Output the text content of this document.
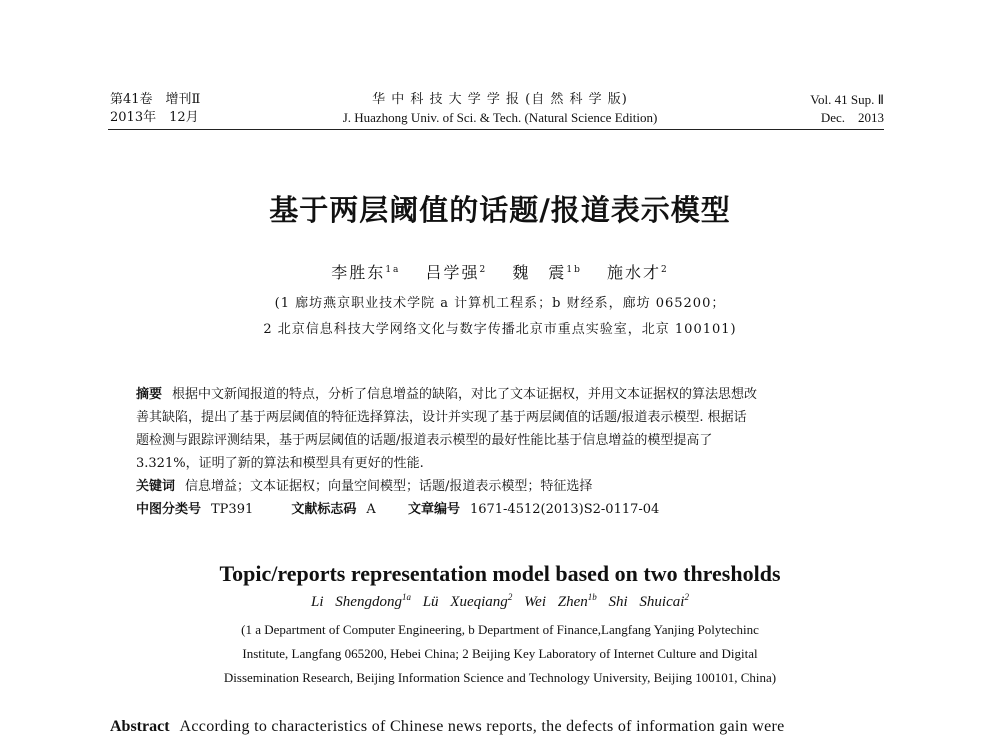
第41卷　增刊Ⅱ
2013年　12月
华 中 科 技 大 学 学 报 (自 然 科 学 版)
J. Huazhong Univ. of Sci. & Tech. (Natural Science Edition)
Vol. 41 Sup. Ⅱ
Dec.　2013
基于两层阈值的话题/报道表示模型
李胜东$^{1a}$　 吕学强$^2$　 魏　震$^{1b}$　 施水才$^2$
(1 廊坊燕京职业技术学院 a 计算机工程系；b 财经系，廊坊 065200；
2 北京信息科技大学网络文化与数字传播北京市重点实验室，北京 100101)

摘要 根据中文新闻报道的特点，分析了信息增益的缺陷，对比了文本证据权，并用文本证据权的算法思想改

善其缺陷，提出了基于两层阈值的特征选择算法，设计并实现了基于两层阈值的话题/报道表示模型. 根据话

题检测与跟踪评测结果，基于两层阈值的话题/报道表示模型的最好性能比基于信息增益的模型提高了

3.321%，证明了新的算法和模型具有更好的性能.

关键词 信息增益；文本证据权；向量空间模型；话题/报道表示模型；特征选择

中图分类号 TP391	文献标志码 A 文章编号 1671-4512(2013)S2-0117-04

Topic/reports representation model based on two thresholds
Li Shengdong$^{1a}$ Lü Xueqiang$^2$ Wei Zhen$^{1b}$ Shi Shuicai$^2$
(1 a Department of Computer Engineering, b Department of Finance,Langfang Yanjing Polytechinc
Institute, Langfang 065200, Hebei China; 2 Beijing Key Laboratory of Internet Culture and Digital
Dissemination Research, Beijing Information Science and Technology University, Beijing 100101, China)
Abstract According to characteristics of Chinese news reports, the defects of information gain were
